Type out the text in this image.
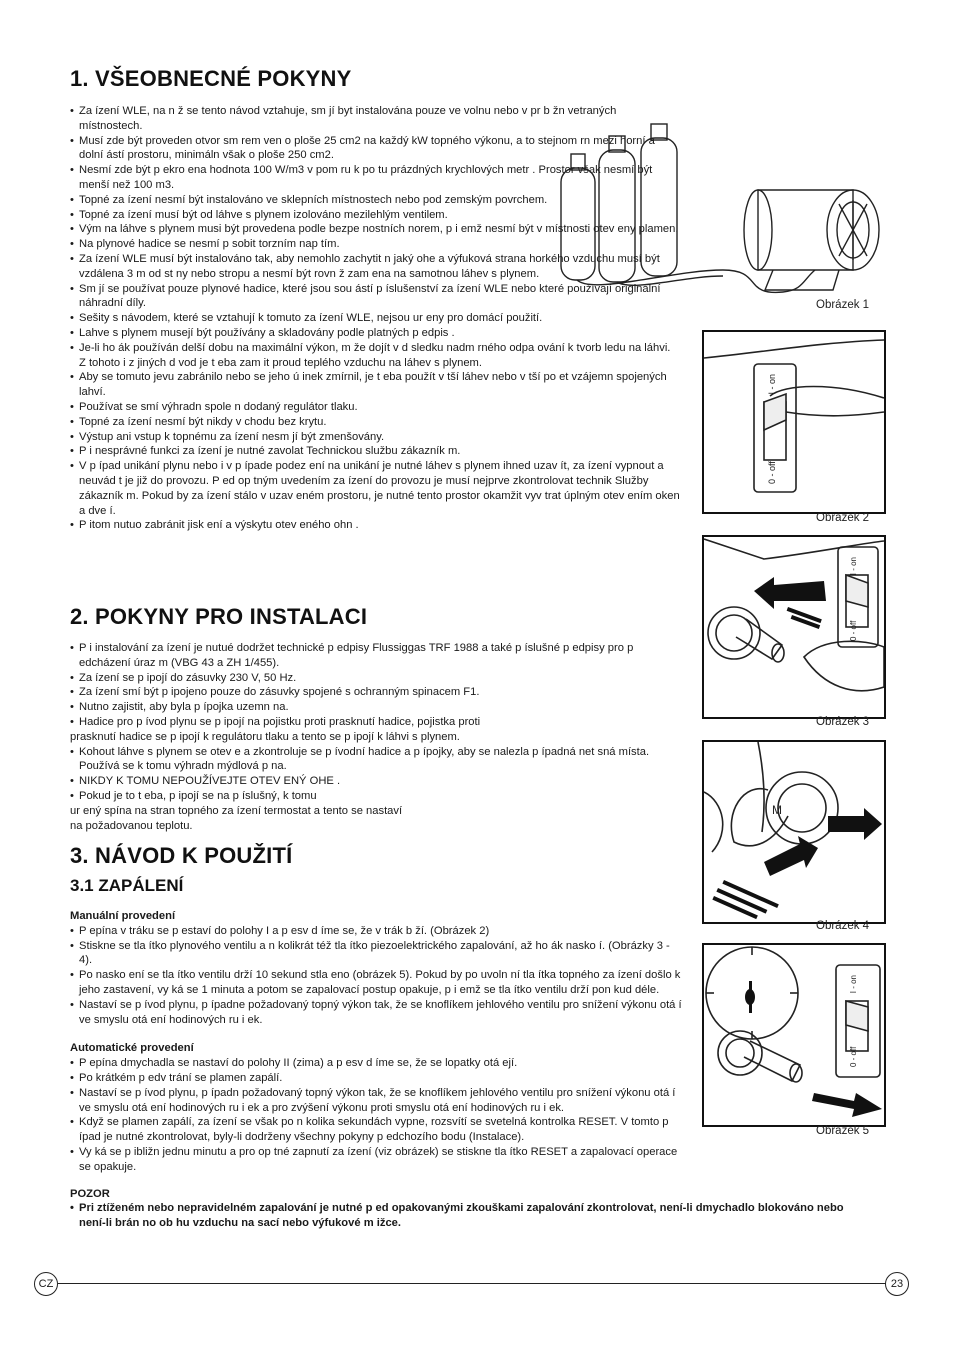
1. VŠEOBNECNÉ POKYNY
• Za ízení WLE, na n ž se tento návod vztahuje, sm jí byt instalována pouze ve volnu nebo v pr b žn vetraných místnostech.
• Musí zde být proveden otvor sm rem ven o ploše 25 cm2 na každý kW topného výkonu, a to stejnom rn mezi horní a dolní ástí prostoru, minimáln však o ploše 250 cm2.
• Nesmí zde být p ekro ena hodnota 100 W/m3 v pom ru k po tu prázdných krychlových metr . Prostor však nesmí být menší než 100 m3.
• Topné za ízení nesmí být instalováno ve sklepních místnostech nebo pod zemským povrchem.
• Topné za ízení musí být od láhve s plynem izolováno mezilehlým ventilem.
• Vým na láhve s plynem musi být provedena podle bezpe nostních norem, p i emž nesmí být v místnosti otev eny plamen.
• Na plynové hadice se nesmí p sobit torzním nap tím.
• Za ízení WLE musí být instalováno tak, aby nemohlo zachytit n jaký ohe a výfuková strana horkého vzduchu musí být vzdálena 3 m od st ny nebo stropu a nesmí být rovn ž zam ena na samotnou láhev s plynem.
• Sm jí se používat pouze plynové hadice, které jsou sou ástí p íslušenství za ízení WLE nebo které používají originální náhradní díly.
• Sešity s návodem, které se vztahují k tomuto za ízení WLE, nejsou ur eny pro domácí použití.
• Lahve s plynem musejí být používány a skladovány podle platných p edpis .
• Je-li ho ák používán delší dobu na maximální výkon, m že dojít v d sledku nadm rného odpa ování k tvorb ledu na láhvi. Z tohoto i z jiných d vod je t eba zam it proud teplého vzduchu na láhev s plynem.
• Aby se tomuto jevu zabránilo nebo se jeho ú inek zmírnil, je t eba použít v tší láhev nebo v tší po et vzájemn spojených lahví.
• Používat se smí výhradn spole n dodaný regulátor tlaku.
• Topné za ízení nesmí být nikdy v chodu bez krytu.
• Výstup ani vstup k topnému za ízení nesm jí být zmenšovány.
• P i nesprávné funkci za ízení je nutné zavolat Technickou službu zákazník m.
• V p ípad unikání plynu nebo i v p ípade podez ení na unikání je nutné láhev s plynem ihned uzav ít, za ízení vypnout a neuvád t je již do provozu. P ed op tným uvedením za ízení do provozu je musí nejprve zkontrolovat technik Služby zákazník m. Pokud by za ízení stálo v uzav eném prostoru, je nutné tento prostor okamžit vyv trat úplným otev ením oken a dve í.
• P itom nutuo zabránit jisk ení a výskytu otev eného ohn .
2. POKYNY PRO INSTALACI
• P i instalování za ízení je nutué dodržet technické p edpisy Flussiggas TRF 1988 a také p íslušné p edpisy pro p edcházení úraz m (VBG 43 a ZH 1/455).
• Za ízení se p ipojí do zásuvky 230 V, 50 Hz.
• Za ízení smí být p ipojeno pouze do zásuvky spojené s ochranným spinacem F1.
• Nutno zajistit, aby byla p ípojka uzemn na.
• Hadice pro p ívod plynu se p ipojí na pojistku proti prasknutí hadice, pojistka proti
prasknutí hadice se p ipojí k regulátoru tlaku a tento se p ipojí k láhvi s plynem.
• Kohout láhve s plynem se otev e a zkontroluje se p ívodní hadice a p ípojky, aby se nalezla p ípadná net sná místa. Používá se k tomu výhradn mýdlová p na.
• NIKDY K TOMU NEPOUŽÍVEJTE OTEV ENÝ OHE .
• Pokud je to t eba, p ipojí se na p íslušný, k tomu
ur ený spína na stran topného za ízení termostat a tento se nastaví
na požadovanou teplotu.
3. NÁVOD K POUŽITÍ
3.1 ZAPÁLENÍ
Manuální provedení
• P epína v tráku se p estaví do polohy I a p esv d íme se, že v trák b ží. (Obrázek 2)
• Stiskne se tla ítko plynového ventilu a n kolikrát též tla ítko piezoelektrického zapalování, až ho ák nasko í. (Obrázky 3 - 4).
• Po nasko ení se tla ítko ventilu drží 10 sekund stla eno (obrázek 5). Pokud by po uvoln ní tla ítka topného za ízení došlo k jeho zastavení, vy ká se 1 minuta a potom se zapalovací postup opakuje, p i emž se tla ítko ventilu drží pon kud déle.
• Nastaví se p ívod plynu, p ípadne požadovaný topný výkon tak, že se knoflíkem jehlového ventilu pro snížení výkonu otá í ve smyslu otá ení hodinových ru i ek.
Automatické provedení
• P epína dmychadla se nastaví do polohy II (zima) a p esv d íme se, že se lopatky otá ejí.
• Po krátkém p edv trání se plamen zapálí.
• Nastaví se p ívod plynu, p ípadn požadovaný topný výkon tak, že se knoflíkem jehlového ventilu pro snížení výkonu otá í ve smyslu otá ení hodinových ru i ek a pro zvýšení výkonu proti smyslu otá ení hodinových ru i ek.
• Když se plamen zapálí, za ízení se však po n kolika sekundách vypne, rozsvítí se svetelná kontrolka RESET. V tomto p ípad je nutné zkontrolovat, byly-li dodrženy všechny pokyny p edchozího bodu (Instalace).
• Vy ká se p ibližn jednu minutu a pro op tné zapnutí za ízení (viz obrázek) se stiskne tla ítko RESET a zapalovací operace se opakuje.
POZOR
• Pri ztíženém nebo nepravidelném zapalování je nutné p ed opakovanými zkouškami zapalování zkontrolovat, není-li dmychadlo blokováno nebo není-li brán no ob hu vzduchu na sací nebo výfukové m ižce.
Obrázek 1
I - on
0 - off
Obrázek 2
I - on
0 - off
Obrázek 3
M
Obrázek 4
I - on
0 - off
Obrázek 5
CZ	23
